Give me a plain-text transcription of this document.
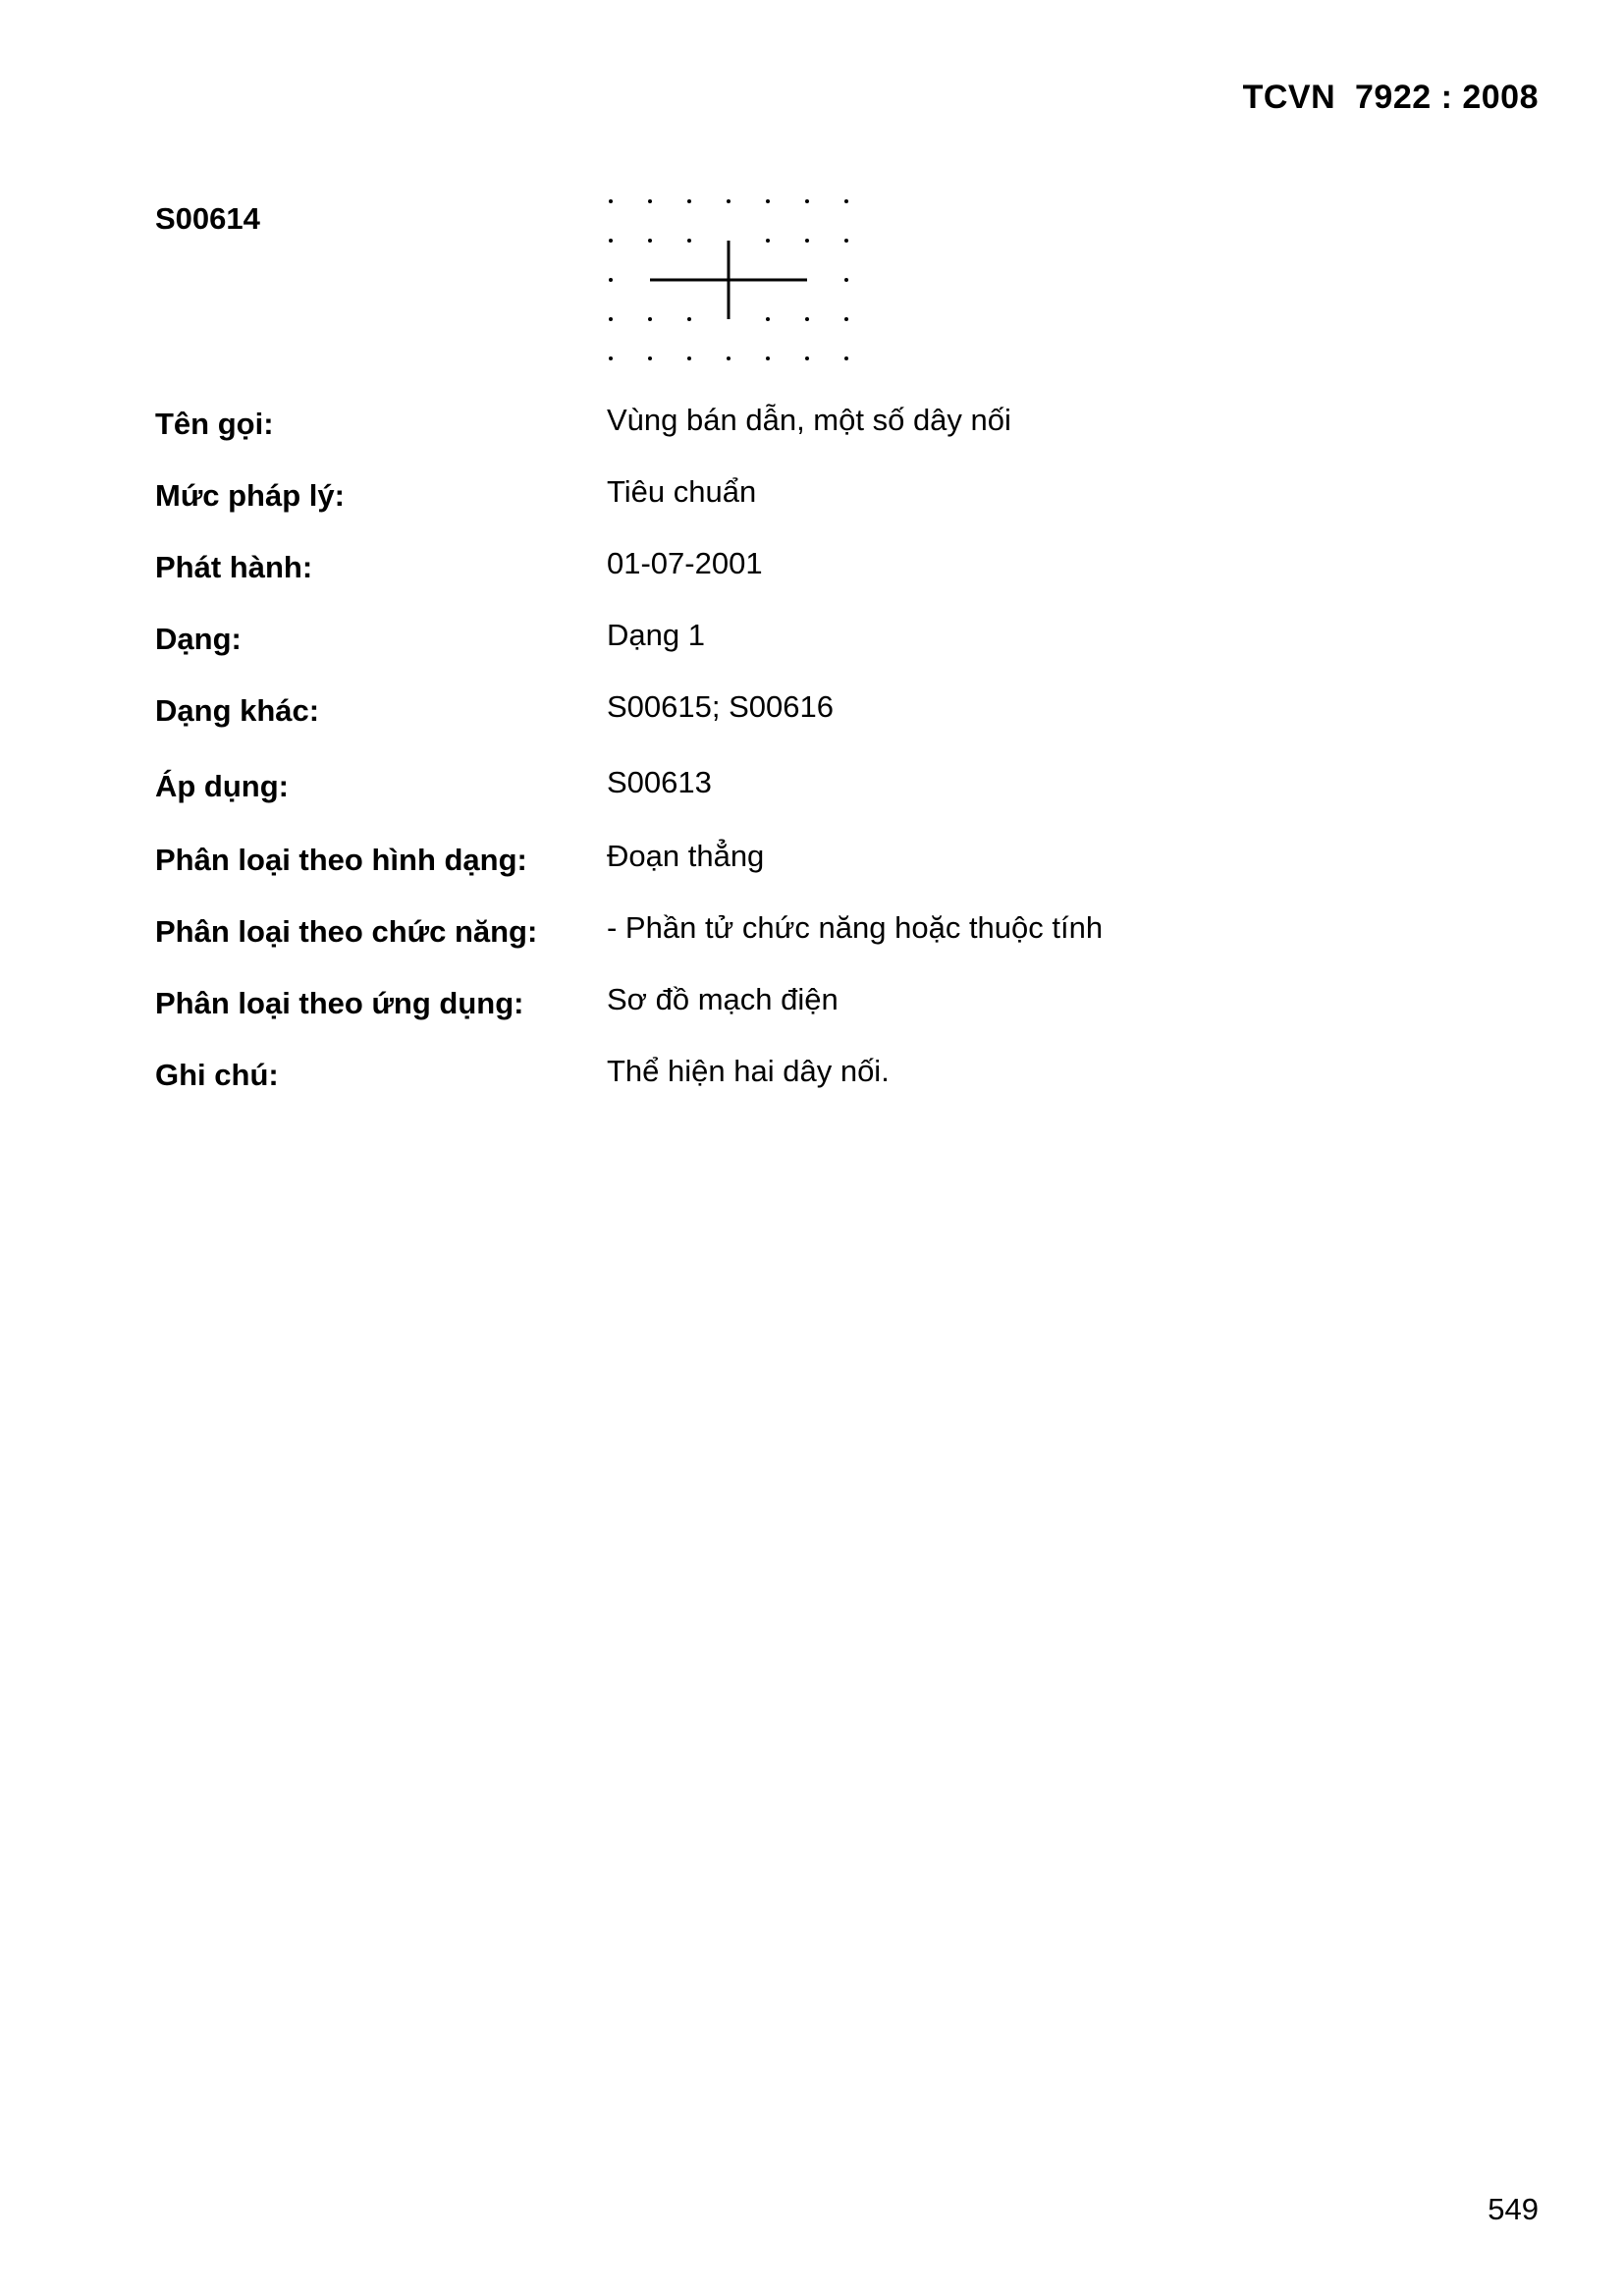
TCVN  7922 : 2008
S00614
Tên gọi:	Vùng bán dẫn, một số dây nối
Mức pháp lý:	Tiêu chuẩn
Phát hành:	01-07-2001
Dạng:	Dạng 1
Dạng khác:	S00615; S00616
Áp dụng:	S00613
Phân loại theo hình dạng:	Đoạn thẳng
Phân loại theo chức năng: - Phần tử chức năng hoặc thuộc tính
Phân loại theo ứng dụng:	Sơ đồ mạch điện
Ghi chú:	Thể hiện hai dây nối.
549
